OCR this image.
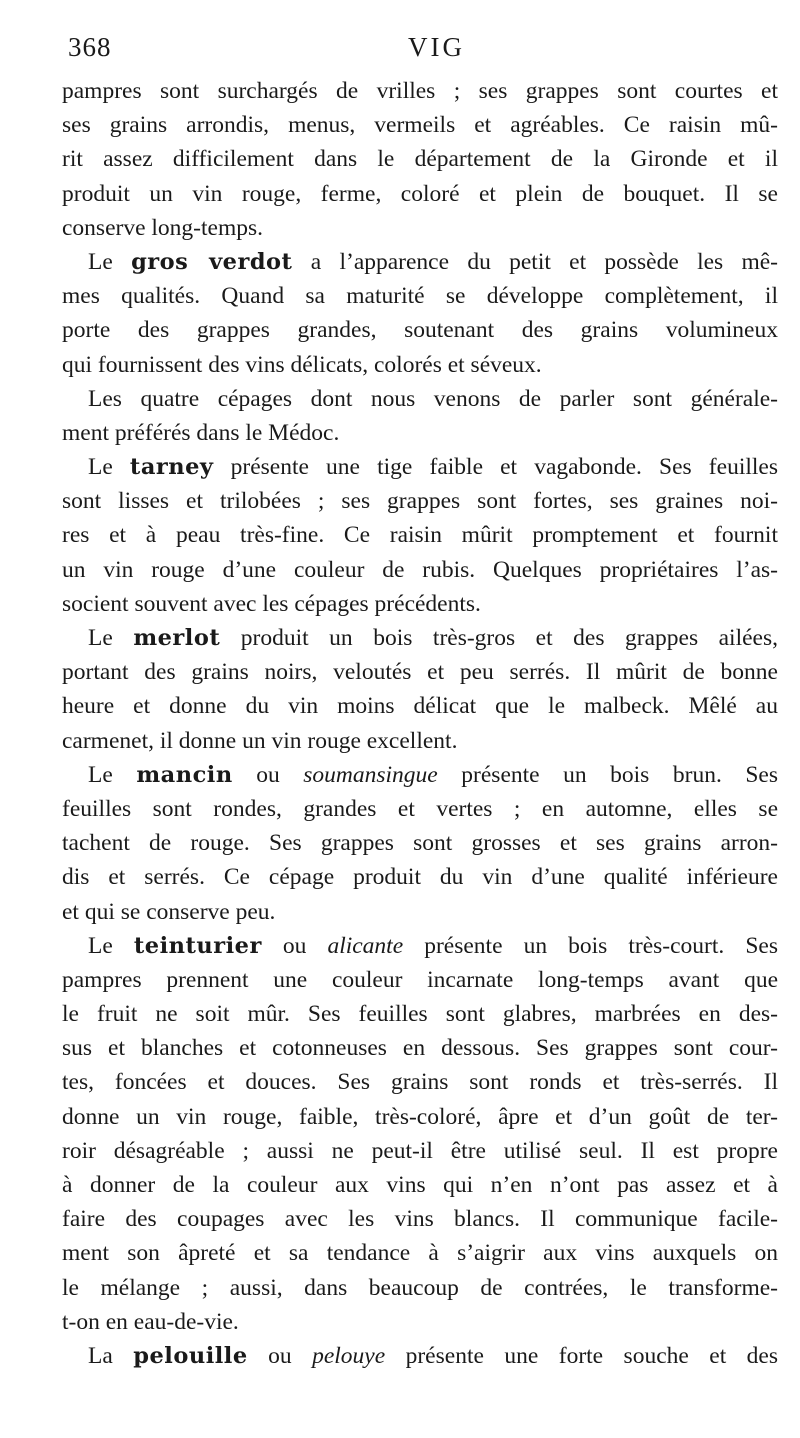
368	VIG
pampres sont surchargés de vrilles ; ses grappes sont courtes et
ses grains arrondis, menus, vermeils et agréables. Ce raisin mû-
rit assez difficilement dans le département de la Gironde et il
produit un vin rouge, ferme, coloré et plein de bouquet. Il se
conserve long-temps.
Le gros verdot a l’apparence du petit et possède les mê-
mes qualités. Quand sa maturité se développe complètement, il
porte des grappes grandes, soutenant des grains volumineux
qui fournissent des vins délicats, colorés et séveux.
Les quatre cépages dont nous venons de parler sont générale-
ment préférés dans le Médoc.
Le tarney présente une tige faible et vagabonde. Ses feuilles
sont lisses et trilobées ; ses grappes sont fortes, ses graines noi-
res et à peau très-fine. Ce raisin mûrit promptement et fournit
un vin rouge d’une couleur de rubis. Quelques propriétaires l’as-
socient souvent avec les cépages précédents.
Le merlot produit un bois très-gros et des grappes ailées,
portant des grains noirs, veloutés et peu serrés. Il mûrit de bonne
heure et donne du vin moins délicat que le malbeck. Mêlé au
carmenet, il donne un vin rouge excellent.
Le mancin ou soumansingue présente un bois brun. Ses
feuilles sont rondes, grandes et vertes ; en automne, elles se
tachent de rouge. Ses grappes sont grosses et ses grains arron-
dis et serrés. Ce cépage produit du vin d’une qualité inférieure
et qui se conserve peu.
Le teinturier ou alicante présente un bois très-court. Ses
pampres prennent une couleur incarnate long-temps avant que
le fruit ne soit mûr. Ses feuilles sont glabres, marbrées en des-
sus et blanches et cotonneuses en dessous. Ses grappes sont cour-
tes, foncées et douces. Ses grains sont ronds et très-serrés. Il
donne un vin rouge, faible, très-coloré, âpre et d’un goût de ter-
roir désagréable ; aussi ne peut-il être utilisé seul. Il est propre
à donner de la couleur aux vins qui n’en n’ont pas assez et à
faire des coupages avec les vins blancs. Il communique facile-
ment son âpreté et sa tendance à s’aigrir aux vins auxquels on
le mélange ; aussi, dans beaucoup de contrées, le transforme-
t-on en eau-de-vie.
La pelouille ou pelouye présente une forte souche et des
